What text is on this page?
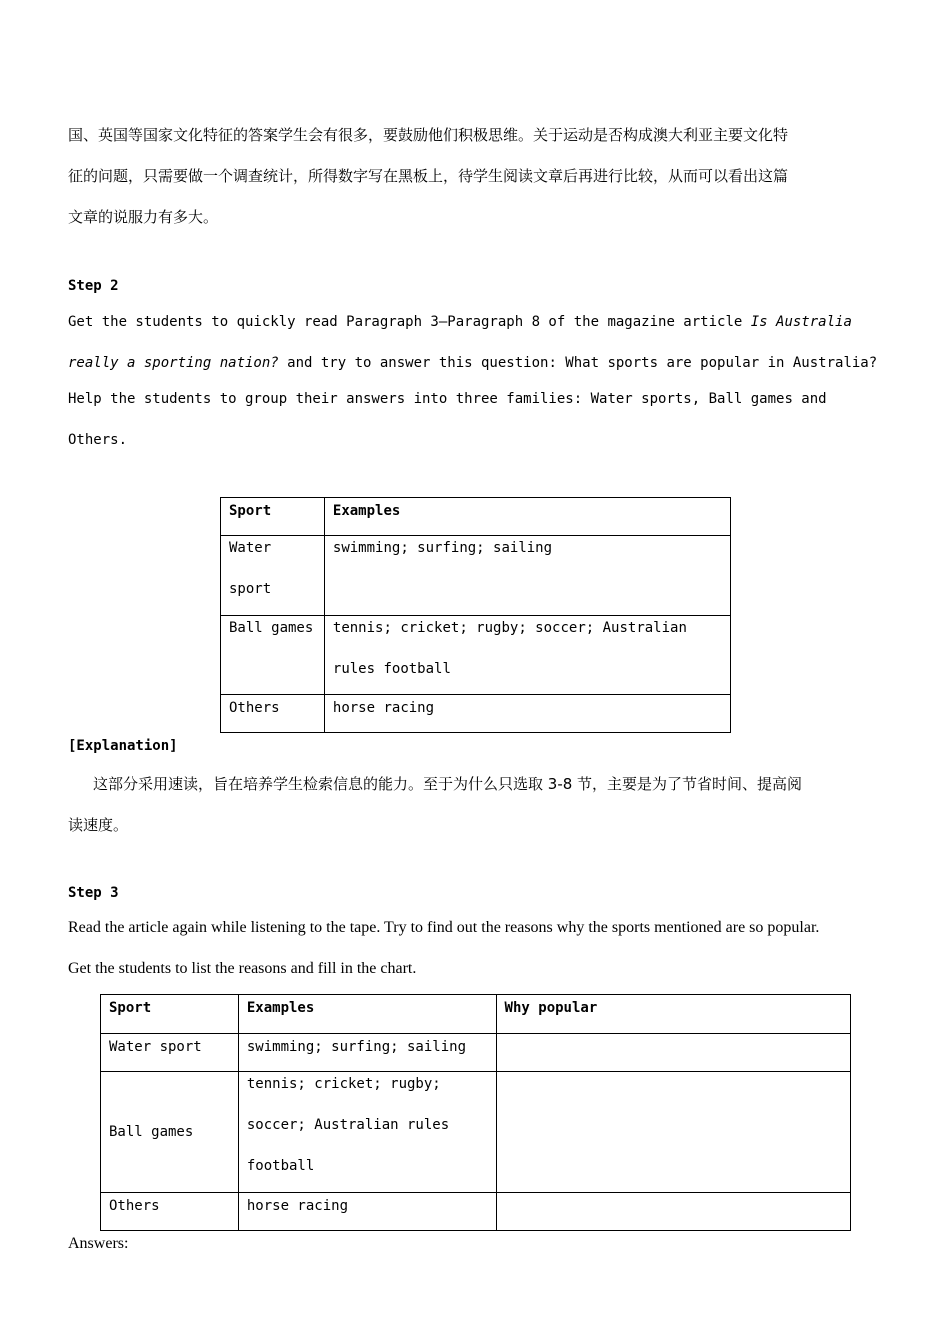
国、英国等国家文化特征的答案学生会有很多，要鼓励他们积极思维。关于运动是否构成澳大利亚主要文化特
征的问题，只需要做一个调查统计，所得数字写在黑板上，待学生阅读文章后再进行比较，从而可以看出这篇
文章的说服力有多大。
Step 2
Get the students to quickly read Paragraph 3—Paragraph 8 of the magazine article Is Australia
really a sporting nation? and try to answer this question: What sports are popular in Australia?
Help the students to group their answers into three families: Water sports, Ball games and
Others.
Sport	Examples

Water
sport	swimming; surfing; sailing

Ball games	tennis; cricket; rugby; soccer; Australian
rules football

Others	horse racing
[Explanation]
这部分采用速读，旨在培养学生检索信息的能力。至于为什么只选取 3-8 节，主要是为了节省时间、提高阅
读速度。
Step 3
Read the article again while listening to the tape. Try to find out the reasons why the sports mentioned are so popular.
Get the students to list the reasons and fill in the chart.
Sport	Examples	Why popular
Water sport	swimming; surfing; sailing	
Ball games	tennis; cricket; rugby;
soccer; Australian rules
football	

Others	horse racing	
Answers:
